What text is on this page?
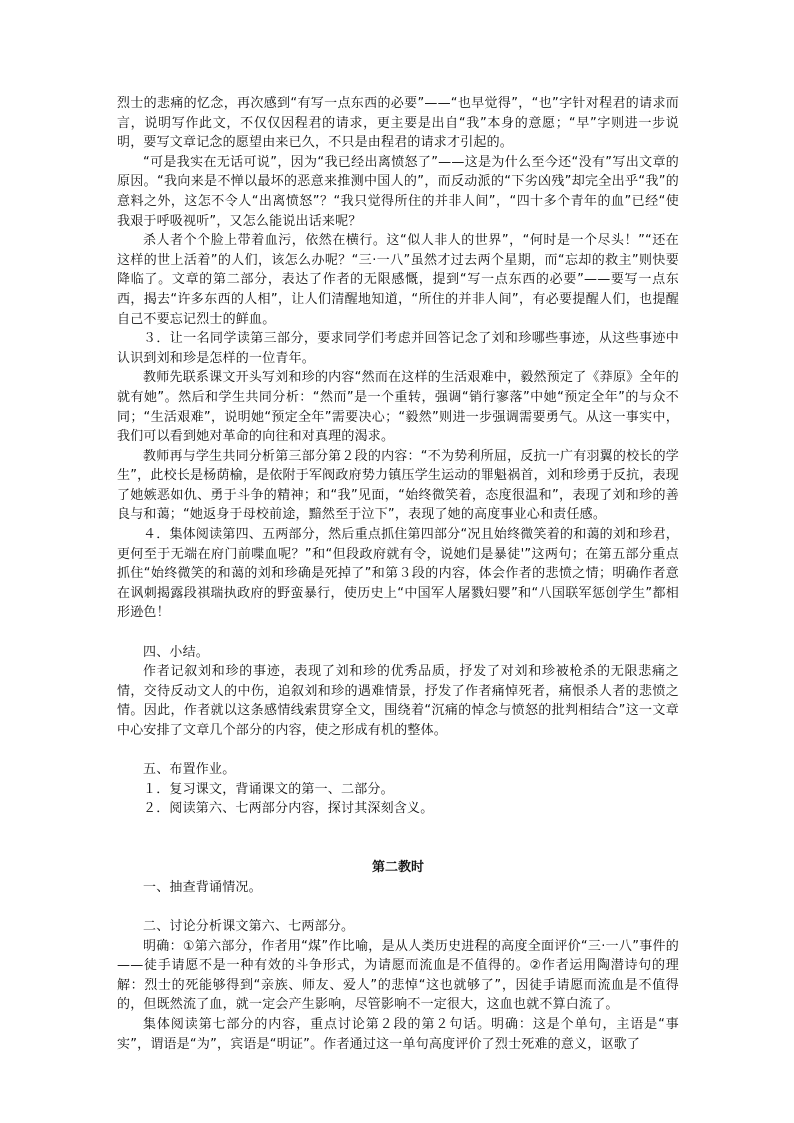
烈士的悲痛的忆念，再次感到“有写一点东西的必要”——“也早觉得”，“也”字针对程君的请求而言，说明写作此文，不仅仅因程君的请求，更主要是出自“我”本身的意愿；“早”字则进一步说明，要写文章记念的愿望由来已久，不只是由程君的请求才引起的。

“可是我实在无话可说”，因为“我已经出离愤怒了”——这是为什么至今还“没有”写出文章的原因。“我向来是不惮以最坏的恶意来推测中国人的”，而反动派的“下劣凶残”却完全出乎“我”的意料之外，这怎不令人“出离愤怒”？“我只觉得所住的并非人间”，“四十多个青年的血”已经“使我艰于呼吸视听”，又怎么能说出话来呢？

杀人者个个脸上带着血污，依然在横行。这“似人非人的世界”，“何时是一个尽头！”“还在这样的世上活着”的人们，该怎么办呢？“三·一八”虽然才过去两个星期，而“忘却的救主”则快要降临了。文章的第二部分，表达了作者的无限感慨，提到“写一点东西的必要”——要写一点东西，揭去“许多东西的人相”，让人们清醒地知道，“所住的并非人间”，有必要提醒人们，也提醒自己不要忘记烈士的鲜血。

３．让一名同学读第三部分，要求同学们考虑并回答记念了刘和珍哪些事迹，从这些事迹中认识到刘和珍是怎样的一位青年。

教师先联系课文开头写刘和珍的内容“然而在这样的生活艰难中，毅然预定了《莽原》全年的就有她”。然后和学生共同分析：“然而”是一个重转，强调“销行寥落”中她“预定全年”的与众不同；“生活艰难”，说明她“预定全年”需要决心；“毅然”则进一步强调需要勇气。从这一事实中，我们可以看到她对革命的向往和对真理的渴求。

教师再与学生共同分析第三部分第２段的内容：“不为势利所屈，反抗一广有羽翼的校长的学生”，此校长是杨荫榆，是依附于军阀政府势力镇压学生运动的罪魁祸首，刘和珍勇于反抗，表现了她嫉恶如仇、勇于斗争的精神；和“我”见面，“始终微笑着，态度很温和”，表现了刘和珍的善良与和蔼；“她返身于母校前途，黯然至于泣下”，表现了她的高度事业心和责任感。

４．集体阅读第四、五两部分，然后重点抓住第四部分“况且始终微笑着的和蔼的刘和珍君，更何至于无端在府门前喋血呢？”和“但段政府就有令，说她们是暴徒'”这两句；在第五部分重点抓住“始终微笑的和蔼的刘和珍确是死掉了”和第３段的内容，体会作者的悲愤之情；明确作者意在讽刺揭露段祺瑞执政府的野蛮暴行，使历史上“中国军人屠戮妇婴”和“八国联军惩创学生”都相形逊色！

四、小结。

作者记叙刘和珍的事迹，表现了刘和珍的优秀品质，抒发了对刘和珍被枪杀的无限悲痛之情，交待反动文人的中伤，追叙刘和珍的遇难情景，抒发了作者痛悼死者，痛恨杀人者的悲愤之情。因此，作者就以这条感情线索贯穿全文，围绕着“沉痛的悼念与愤怒的批判相结合”这一文章中心安排了文章几个部分的内容，使之形成有机的整体。

五、布置作业。

１．复习课文，背诵课文的第一、二部分。

２．阅读第六、七两部分内容，探讨其深刻含义。

第二教时

一、抽查背诵情况。

二、讨论分析课文第六、七两部分。

明确：①第六部分，作者用“煤”作比喻，是从人类历史进程的高度全面评价“三·一八”事件的——徒手请愿不是一种有效的斗争形式，为请愿而流血是不值得的。②作者运用陶潜诗句的理解：烈士的死能够得到“亲族、师友、爱人”的悲悼“这也就够了”，因徒手请愿而流血是不值得的，但既然流了血，就一定会产生影响，尽管影响不一定很大，这血也就不算白流了。

集体阅读第七部分的内容，重点讨论第２段的第２句话。明确：这是个单句，主语是“事实”，谓语是“为”，宾语是“明证”。作者通过这一单句高度评价了烈士死难的意义，讴歌了
